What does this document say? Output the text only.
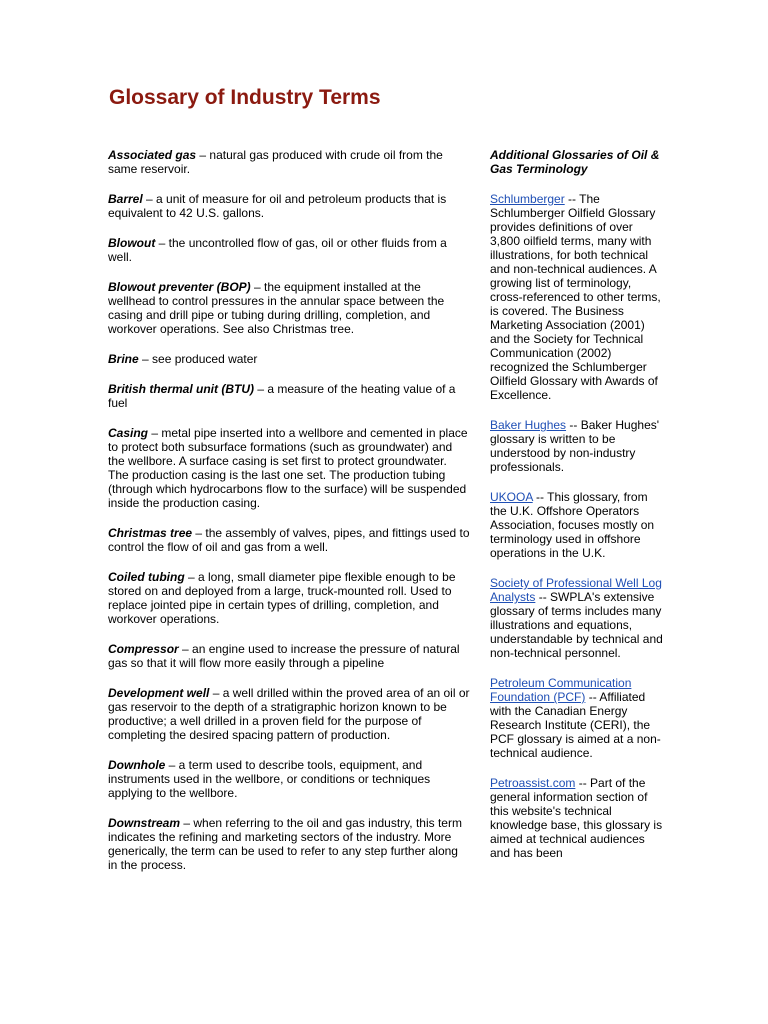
Glossary of Industry Terms

Associated gas – natural gas produced with crude oil from the same reservoir.

Barrel – a unit of measure for oil and petroleum products that is equivalent to 42 U.S. gallons.

Blowout – the uncontrolled flow of gas, oil or other fluids from a well.

Blowout preventer (BOP) – the equipment installed at the wellhead to control pressures in the annular space between the casing and drill pipe or tubing during drilling, completion, and workover operations. See also Christmas tree.

Brine – see produced water

British thermal unit (BTU) – a measure of the heating value of a fuel

Casing – metal pipe inserted into a wellbore and cemented in place to protect both subsurface formations (such as groundwater) and the wellbore. A surface casing is set first to protect groundwater. The production casing is the last one set. The production tubing (through which hydrocarbons flow to the surface) will be suspended inside the production casing.

Christmas tree – the assembly of valves, pipes, and fittings used to control the flow of oil and gas from a well.

Coiled tubing – a long, small diameter pipe flexible enough to be stored on and deployed from a large, truck-mounted roll. Used to replace jointed pipe in certain types of drilling, completion, and workover operations.

Compressor – an engine used to increase the pressure of natural gas so that it will flow more easily through a pipeline

Development well – a well drilled within the proved area of an oil or gas reservoir to the depth of a stratigraphic horizon known to be productive; a well drilled in a proven field for the purpose of completing the desired spacing pattern of production.

Downhole – a term used to describe tools, equipment, and instruments used in the wellbore, or conditions or techniques applying to the wellbore.

Downstream – when referring to the oil and gas industry, this term indicates the refining and marketing sectors of the industry. More generically, the term can be used to refer to any step further along in the process.

Additional Glossaries of Oil & Gas Terminology

Schlumberger -- The Schlumberger Oilfield Glossary provides definitions of over 3,800 oilfield terms, many with illustrations, for both technical and non-technical audiences. A growing list of terminology, cross-referenced to other terms, is covered. The Business Marketing Association (2001) and the Society for Technical Communication (2002) recognized the Schlumberger Oilfield Glossary with Awards of Excellence.

Baker Hughes -- Baker Hughes' glossary is written to be understood by non-industry professionals.

UKOOA -- This glossary, from the U.K. Offshore Operators Association, focuses mostly on terminology used in offshore operations in the U.K.

Society of Professional Well Log Analysts -- SWPLA's extensive glossary of terms includes many illustrations and equations, understandable by technical and non-technical personnel.

Petroleum Communication Foundation (PCF) -- Affiliated with the Canadian Energy Research Institute (CERI), the PCF glossary is aimed at a non-technical audience.

Petroassist.com -- Part of the general information section of this website's technical knowledge base, this glossary is aimed at technical audiences and has been
